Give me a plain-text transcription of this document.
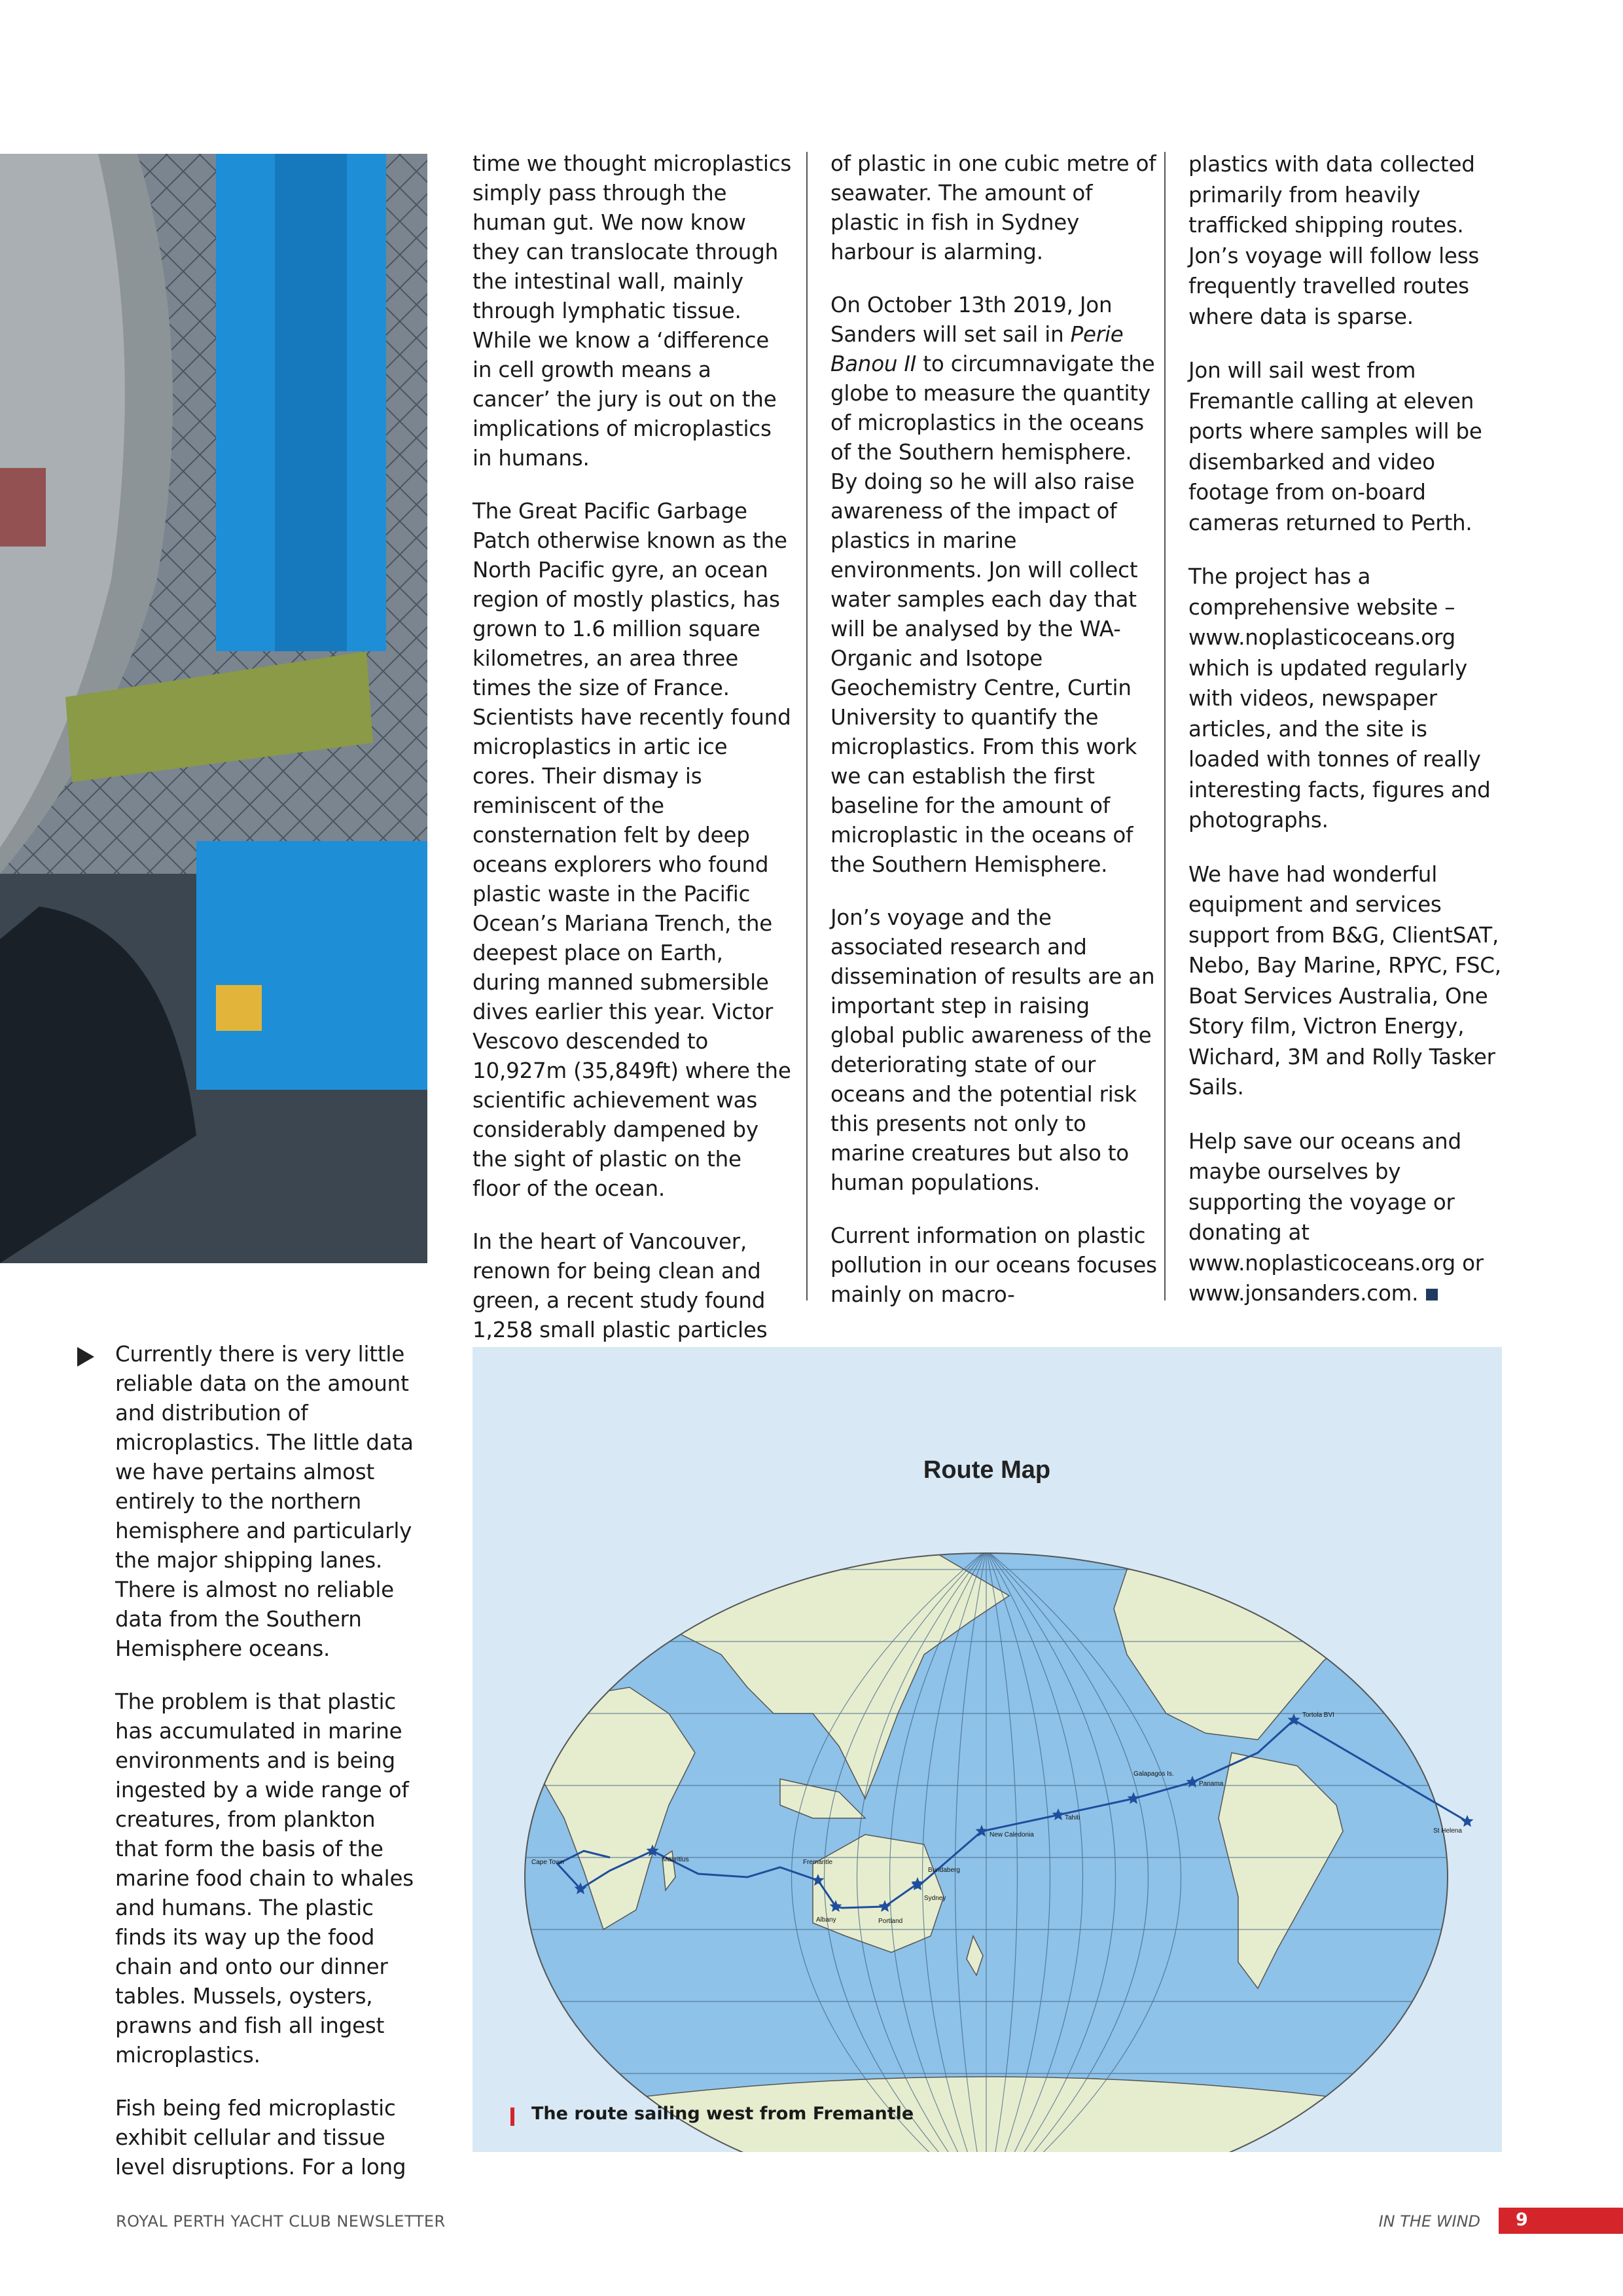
time we thought microplastics simply pass through the human gut. We now know they can translocate through the intestinal wall, mainly through lymphatic tissue. While we know a ‘difference in cell growth means a cancer’ the jury is out on the implications of microplastics in humans.

The Great Pacific Garbage Patch otherwise known as the North Pacific gyre, an ocean region of mostly plastics, has grown to 1.6 million square kilometres, an area three times the size of France. Scientists have recently found microplastics in artic ice cores. Their dismay is reminiscent of the consternation felt by deep oceans explorers who found plastic waste in the Pacific Ocean’s Mariana Trench, the deepest place on Earth, during manned submersible dives earlier this year. Victor Vescovo descended to 10,927m (35,849ft) where the scientific achievement was considerably dampened by the sight of plastic on the floor of the ocean.

In the heart of Vancouver, renown for being clean and green, a recent study found 1,258 small plastic particles

of plastic in one cubic metre of seawater. The amount of plastic in fish in Sydney harbour is alarming.

On October 13th 2019, Jon Sanders will set sail in Perie Banou II to circumnavigate the globe to measure the quantity of microplastics in the oceans of the Southern hemisphere. By doing so he will also raise awareness of the impact of plastics in marine environments. Jon will collect water samples each day that will be analysed by the WA-Organic and Isotope Geochemistry Centre, Curtin University to quantify the microplastics. From this work we can establish the first baseline for the amount of microplastic in the oceans of the Southern Hemisphere.

Jon’s voyage and the associated research and dissemination of results are an important step in raising global public awareness of the deteriorating state of our oceans and the potential risk this presents not only to marine creatures but also to human populations.

Current information on plastic pollution in our oceans focuses mainly on macro-

plastics with data collected primarily from heavily trafficked shipping routes. Jon’s voyage will follow less frequently travelled routes where data is sparse.

Jon will sail west from Fremantle calling at eleven ports where samples will be disembarked and video footage from on-board cameras returned to Perth.

The project has a comprehensive website – www.noplasticoceans.org which is updated regularly with videos, newspaper articles, and the site is loaded with tonnes of really interesting facts, figures and photographs.

We have had wonderful equipment and services support from B&G, ClientSAT, Nebo, Bay Marine, RPYC, FSC, Boat Services Australia, One Story film, Victron Energy, Wichard, 3M and Rolly Tasker Sails.

Help save our oceans and maybe ourselves by supporting the voyage or donating at www.noplasticoceans.org or www.jonsanders.com.

Currently there is very little reliable data on the amount and distribution of microplastics. The little data we have pertains almost entirely to the northern hemisphere and particularly the major shipping lanes. There is almost no reliable data from the Southern Hemisphere oceans.

The problem is that plastic has accumulated in marine environments and is being ingested by a wide range of creatures, from plankton that form the basis of the marine food chain to whales and humans. The plastic finds its way up the food chain and onto our dinner tables. Mussels, oysters, prawns and fish all ingest microplastics.

Fish being fed microplastic exhibit cellular and tissue level disruptions. For a long

Route Map
Fremantle
Albany	Portland
Sydney
Bundaberg
New Caledonia
Tahiti
Galapagos Is.
Panama
Tortola BVI
St Helena
Cape Town	Mauritius
The route sailing west from Fremantle
ROYAL PERTH YACHT CLUB NEWSLETTER	IN THE WIND 9
